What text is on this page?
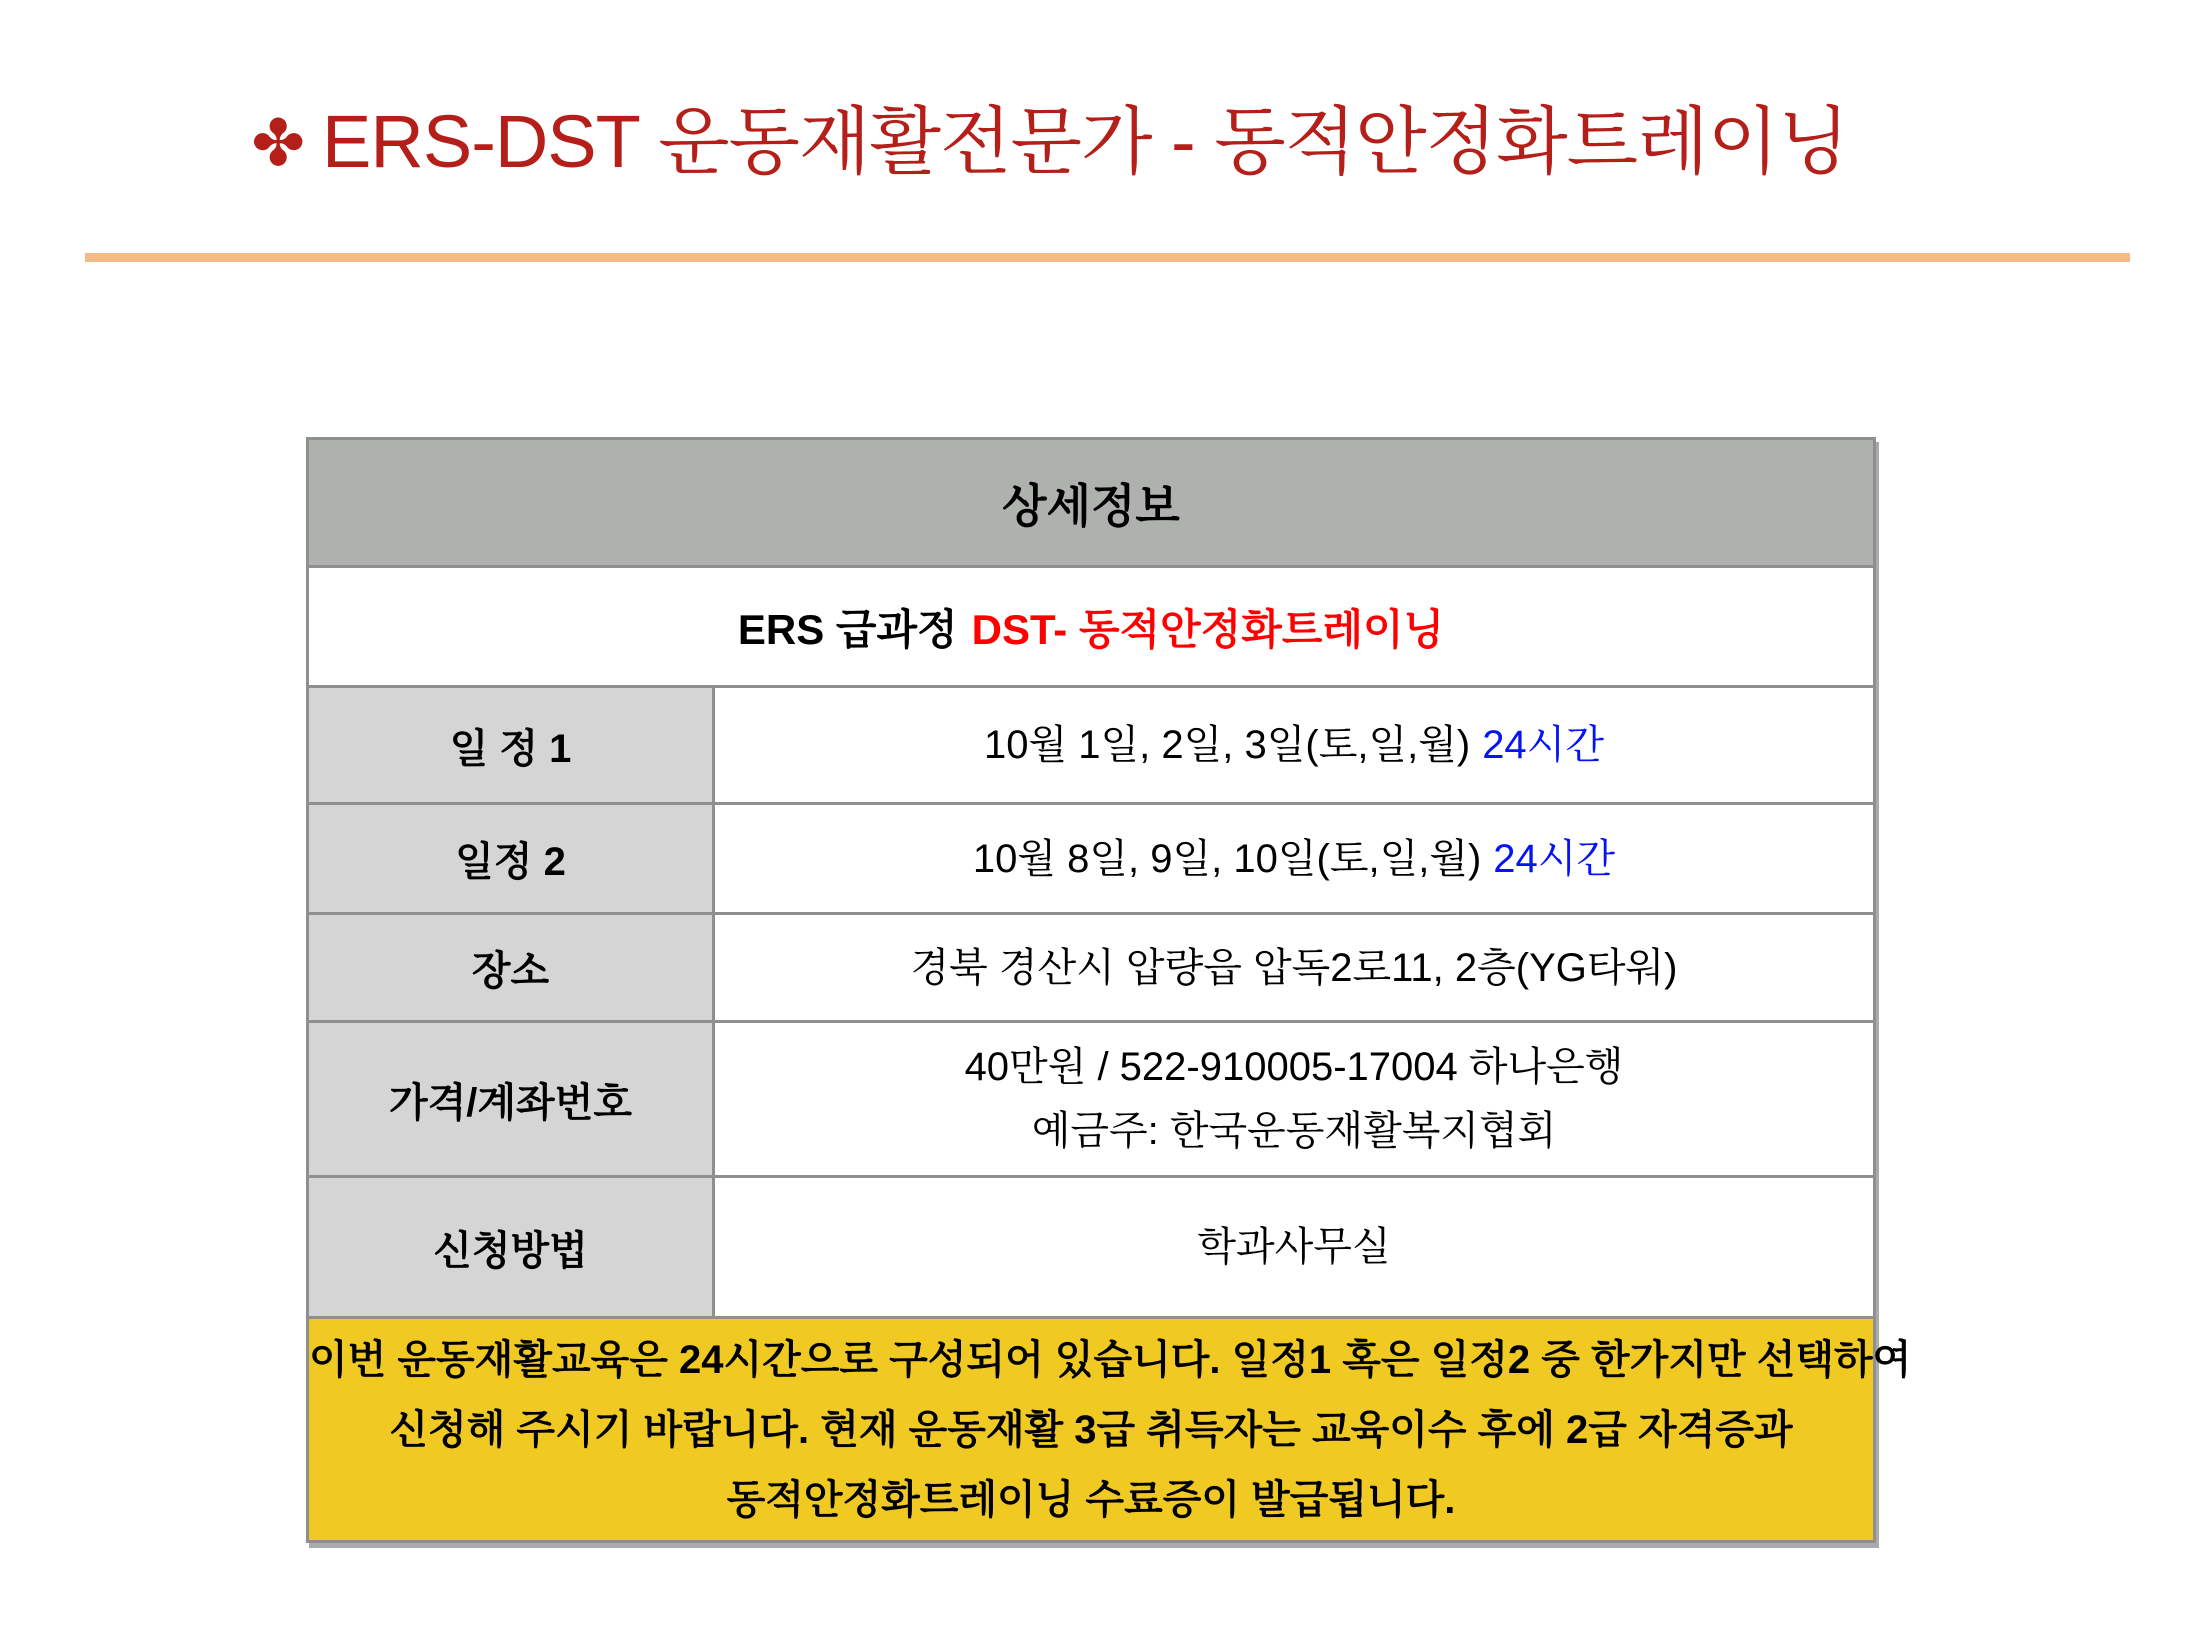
✤ ERS-DST 운동재활전문가 - 동적안정화트레이닝
상세정보	
ERS 급과정 DST- 동적안정화트레이닝	
일 정 1	10월 1일, 2일, 3일(토,일,월) 24시간
일정 2	10월 8일, 9일, 10일(토,일,월) 24시간
장소	경북 경산시 압량읍 압독2로11, 2층(YG타워)
가격/계좌번호	40만원 / 522-910005-17004 하나은행
예금주: 한국운동재활복지협회

신청방법	학과사무실

이번 운동재활교육은 24시간으로 구성되어 있습니다. 일정1 혹은 일정2 중 한가지만 선택하여
신청해 주시기 바랍니다. 현재 운동재활 3급 취득자는 교육이수 후에 2급 자격증과
동적안정화트레이닝 수료증이 발급됩니다.	
